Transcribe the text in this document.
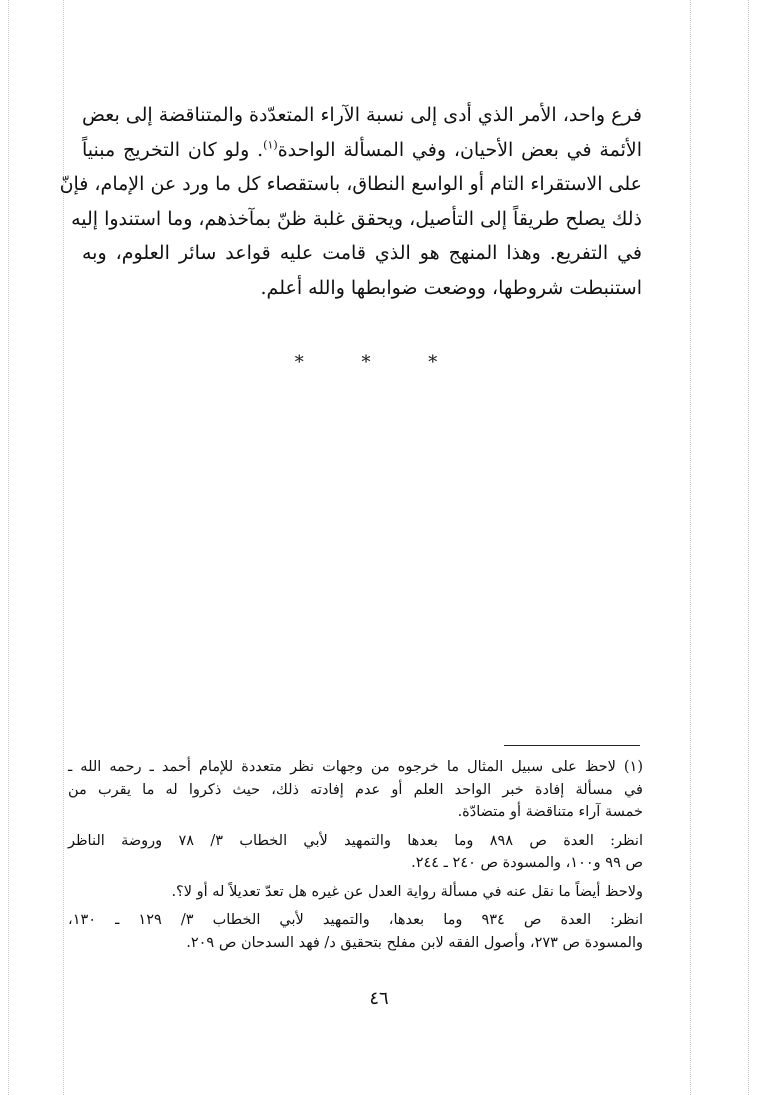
فرع واحد، الأمر الذي أدى إلى نسبة الآراء المتعدّدة والمتناقضة إلى بعض
الأئمة في بعض الأحيان، وفي المسألة الواحدة$^{(١)}$. ولو كان التخريج مبنياً
على الاستقراء التام أو الواسع النطاق، باستقصاء كل ما ورد عن الإمام، فإنّ
ذلك يصلح طريقاً إلى التأصيل، ويحقق غلبة ظنّ بمآخذهم، وما استندوا إليه
في التفريع. وهذا المنهج هو الذي قامت عليه قواعد سائر العلوم، وبه
استنبطت شروطها، ووضعت ضوابطها والله أعلم.
* * *
(١)لاحظ على سبيل المثال ما خرجوه من وجهات نظر متعددة للإمام أحمد ـ رحمه الله ـ
في مسألة إفادة خبر الواحد العلم أو عدم إفادته ذلك، حيث ذكروا له ما يقرب من
خمسة آراء متناقضة أو متضادّة.
انظر: العدة ص ٨٩٨ وما بعدها والتمهيد لأبي الخطاب ٣/ ٧٨ وروضة الناظر
ص ٩٩ و١٠٠، والمسودة ص ٢٤٠ ـ ٢٤٤.
ولاحظ أيضاً ما نقل عنه في مسألة رواية العدل عن غيره هل تعدّ تعديلاً له أو لا؟.
انظر: العدة ص ٩٣٤ وما بعدها، والتمهيد لأبي الخطاب ٣/ ١٢٩ ـ ١٣٠،
والمسودة ص ٢٧٣، وأصول الفقه لابن مفلح بتحقيق د/ فهد السدحان ص ٢٠٩.
٤٦
